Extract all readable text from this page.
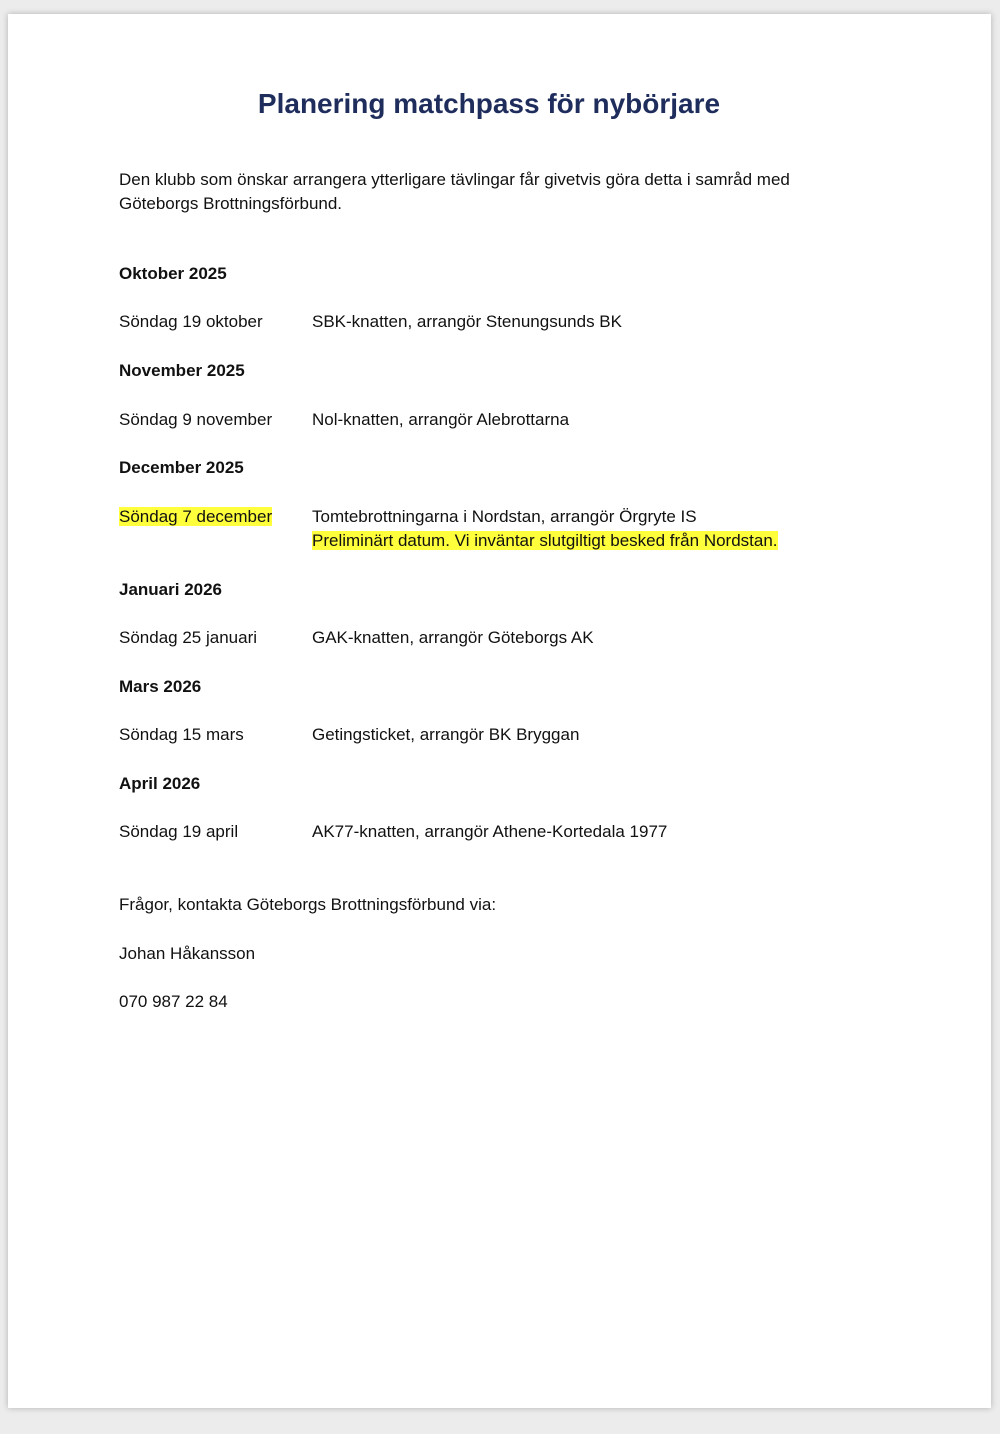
Planering matchpass för nybörjare
Den klubb som önskar arrangera ytterligare tävlingar får givetvis göra detta i samråd med Göteborgs Brottningsförbund.
Oktober 2025
Söndag 19 oktober	SBK-knatten, arrangör Stenungsunds BK
November 2025
Söndag 9 november Nol-knatten, arrangör Alebrottarna
December 2025
Söndag 7 december Tomtebrottningarna i Nordstan, arrangör Örgryte IS
Preliminärt datum. Vi inväntar slutgiltigt besked från Nordstan.
Januari 2026
Söndag 25 januari	GAK-knatten, arrangör Göteborgs AK
Mars 2026
Söndag 15 mars	Getingsticket, arrangör BK Bryggan
April 2026
Söndag 19 april	AK77-knatten, arrangör Athene-Kortedala 1977
Frågor, kontakta Göteborgs Brottningsförbund via:
Johan Håkansson
070 987 22 84
